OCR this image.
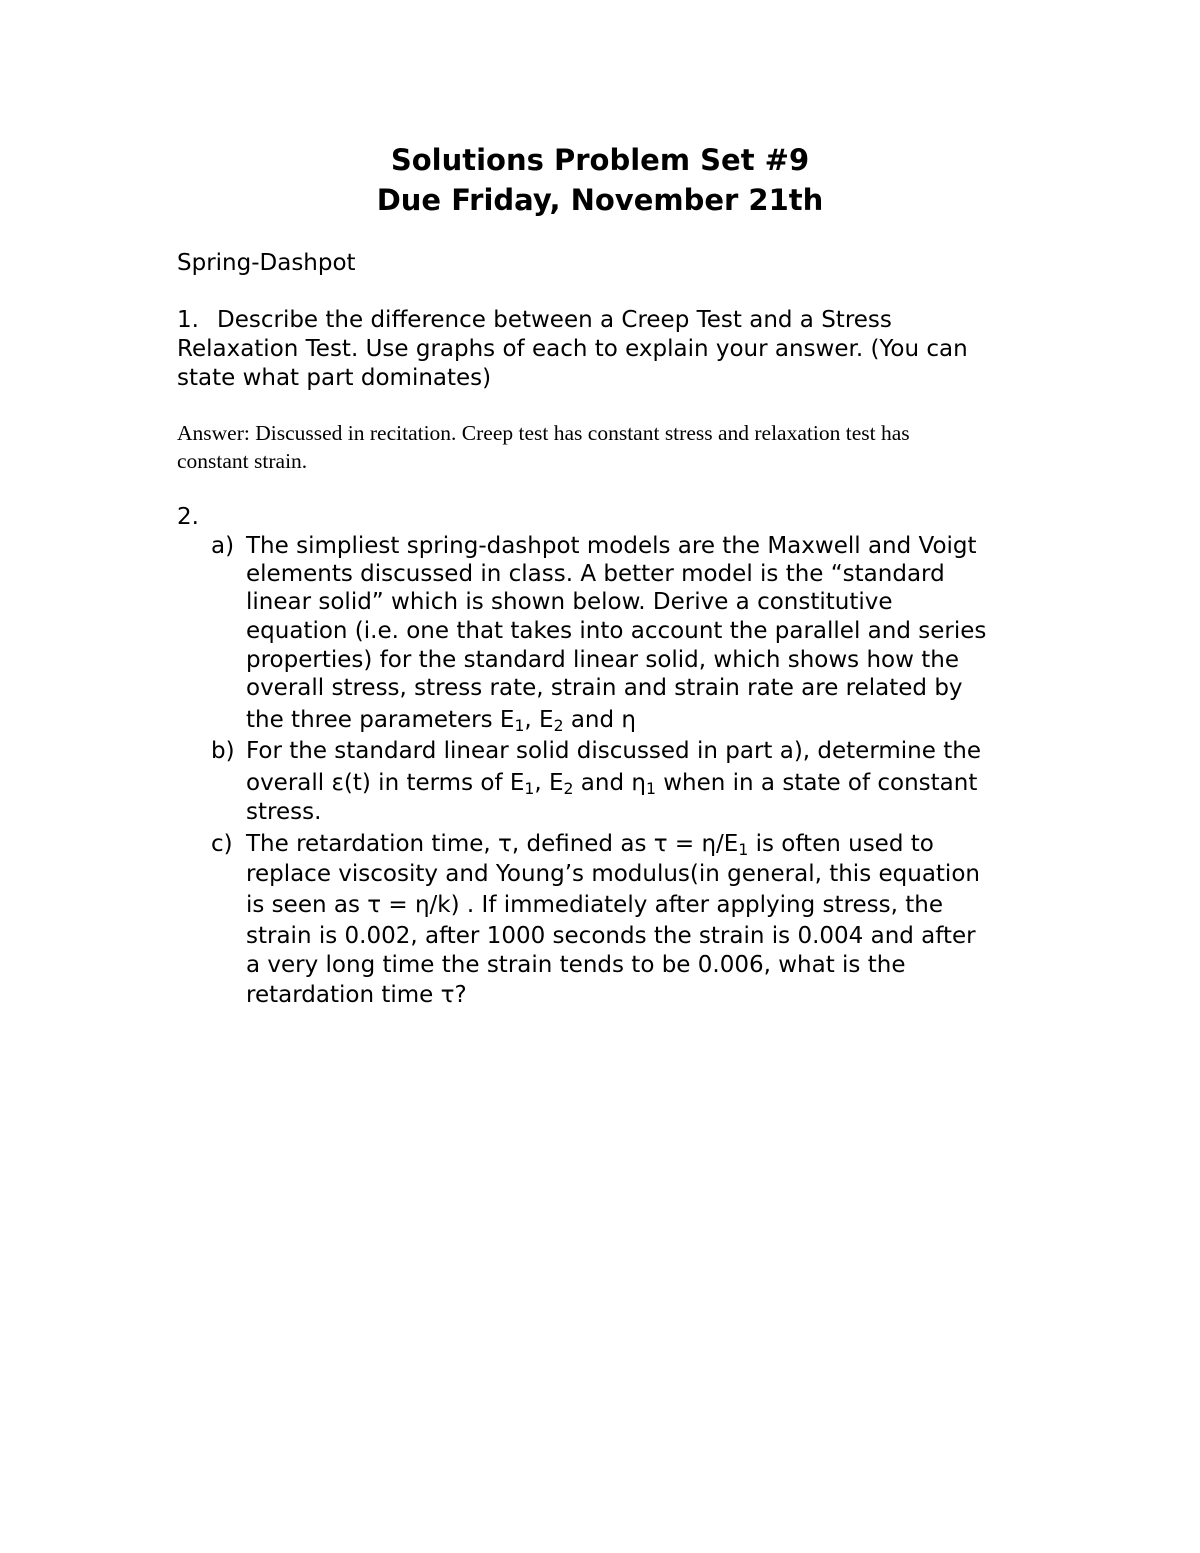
Solutions Problem Set #9
Due Friday, November 21th
Spring-Dashpot
1. Describe the difference between a Creep Test and a Stress
Relaxation Test. Use graphs of each to explain your answer. (You can
state what part dominates)
Answer: Discussed in recitation. Creep test has constant stress and relaxation test has
constant strain.
2.
a) The simpliest spring-dashpot models are the Maxwell and Voigt
elements discussed in class. A better model is the “standard
linear solid” which is shown below. Derive a constitutive
equation (i.e. one that takes into account the parallel and series
properties) for the standard linear solid, which shows how the
overall stress, stress rate, strain and strain rate are related by
the three parameters $E_1$, $E_2$ and η
b) For the standard linear solid discussed in part a), determine the
overall ε(t) in terms of $E_1$, $E_2$ and $\eta_1$ when in a state of constant
stress.
c) The retardation time, τ, defined as $\tau = \eta/E_1$ is often used to
replace viscosity and Young’s modulus(in general, this equation
is seen as τ = η/k) . If immediately after applying stress, the
strain is 0.002, after 1000 seconds the strain is 0.004 and after
a very long time the strain tends to be 0.006, what is the
retardation time τ?
